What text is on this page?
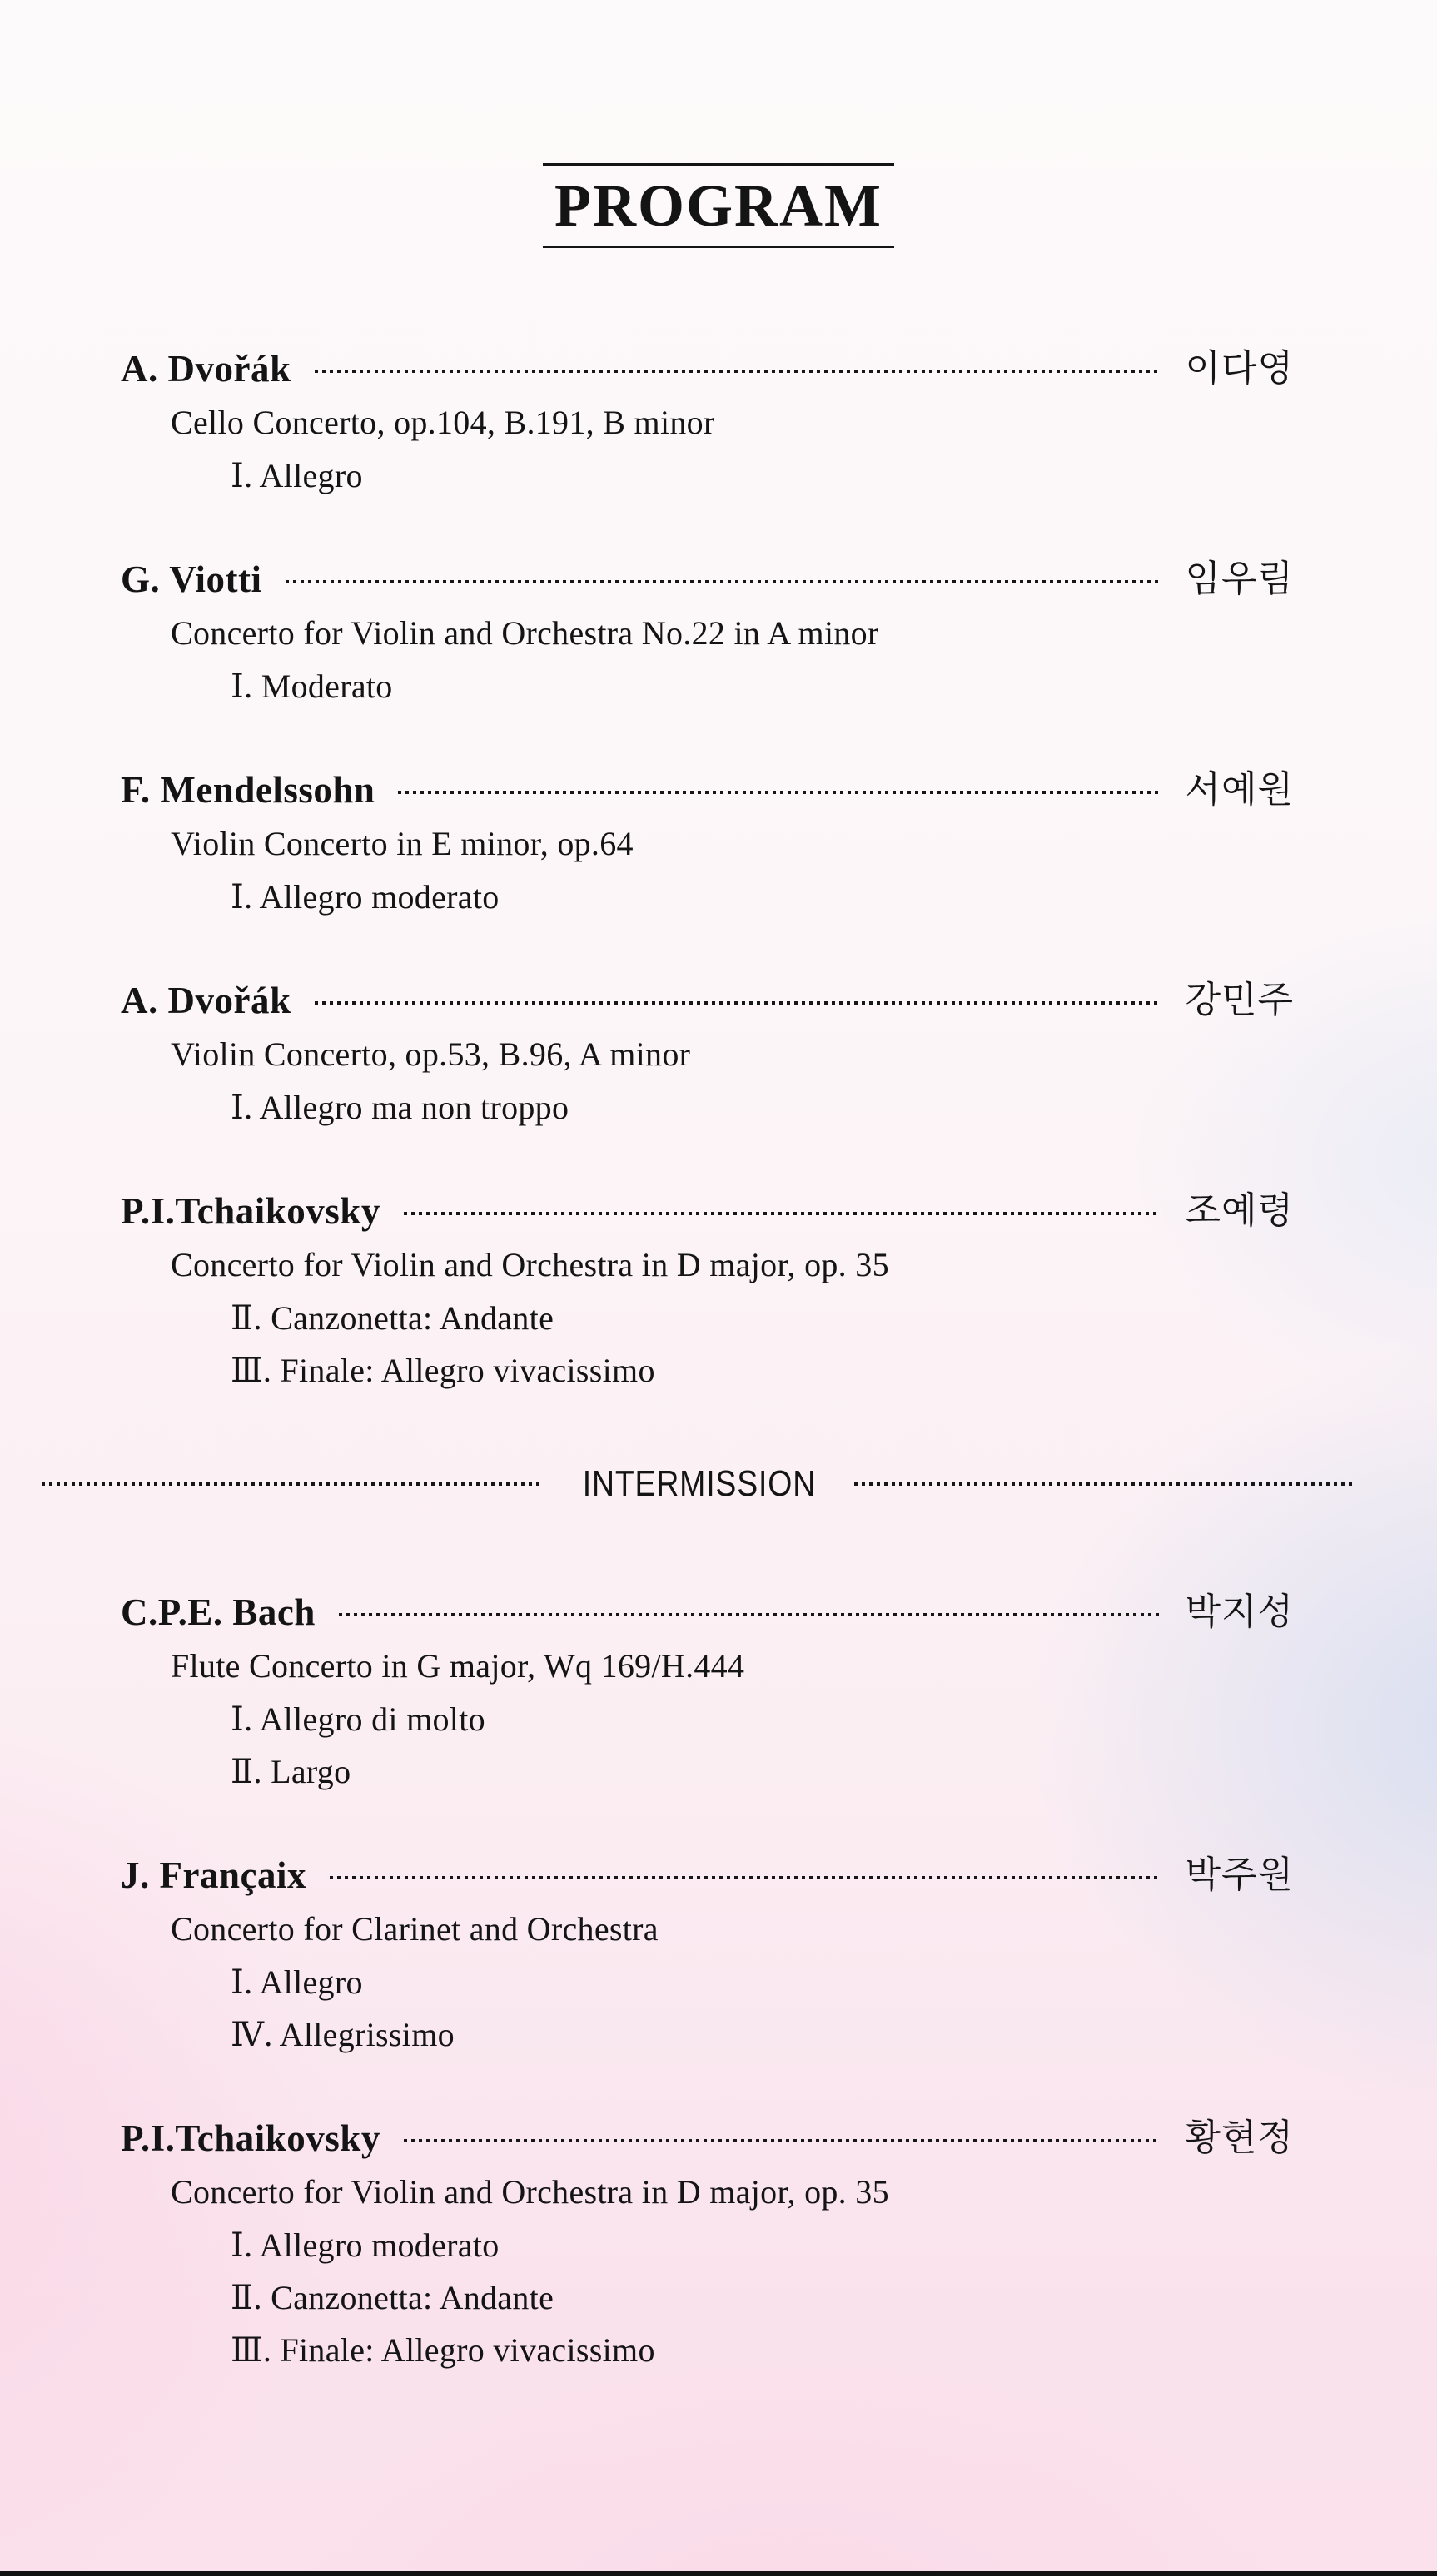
PROGRAM
A. Dvořák	이다영
Cello Concerto, op.104, B.191, B minor
Ⅰ. Allegro
G. Viotti	임우림
Concerto for Violin and Orchestra No.22 in A minor
Ⅰ. Moderato
F. Mendelssohn	서예원
Violin Concerto in E minor, op.64
Ⅰ. Allegro moderato
A. Dvořák	강민주
Violin Concerto, op.53, B.96, A minor
Ⅰ. Allegro ma non troppo
P.I.Tchaikovsky	조예령
Concerto for Violin and Orchestra in D major, op. 35
Ⅱ. Canzonetta: Andante
Ⅲ. Finale: Allegro vivacissimo
INTERMISSION
C.P.E. Bach	박지성
Flute Concerto in G major, Wq 169/H.444
Ⅰ. Allegro di molto
Ⅱ. Largo
J. Françaix	박주원
Concerto for Clarinet and Orchestra
Ⅰ. Allegro
Ⅳ. Allegrissimo
P.I.Tchaikovsky	황현정
Concerto for Violin and Orchestra in D major, op. 35
Ⅰ. Allegro moderato
Ⅱ. Canzonetta: Andante
Ⅲ. Finale: Allegro vivacissimo
